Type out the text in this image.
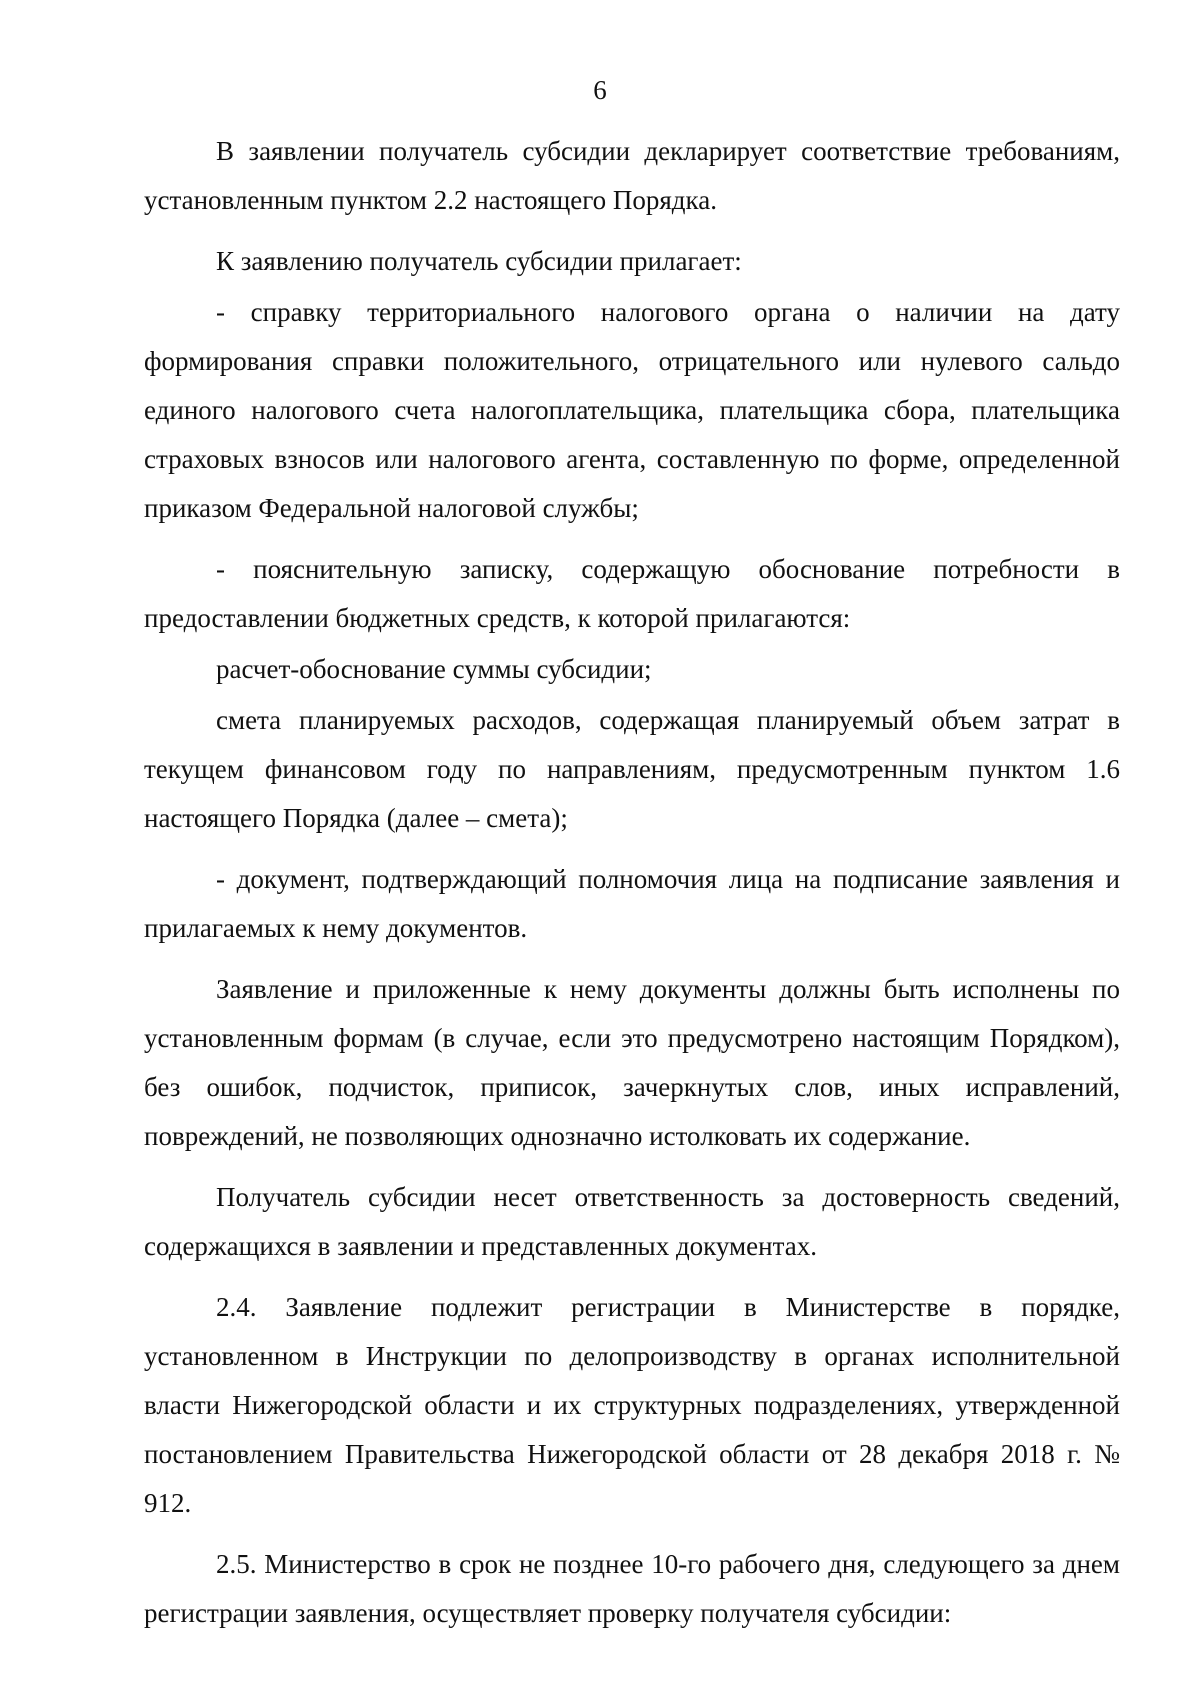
6

В заявлении получатель субсидии декларирует соответствие требованиям, установленным пунктом 2.2 настоящего Порядка.

К заявлению получатель субсидии прилагает:

- справку территориального налогового органа о наличии на дату формирования справки положительного, отрицательного или нулевого сальдо единого налогового счета налогоплательщика, плательщика сбора, плательщика страховых взносов или налогового агента, составленную по форме, определенной приказом Федеральной налоговой службы;

- пояснительную записку, содержащую обоснование потребности в предоставлении бюджетных средств, к которой прилагаются:

расчет-обоснование суммы субсидии;

смета планируемых расходов, содержащая планируемый объем затрат в текущем финансовом году по направлениям, предусмотренным пунктом 1.6 настоящего Порядка (далее – смета);

- документ, подтверждающий полномочия лица на подписание заявления и прилагаемых к нему документов.

Заявление и приложенные к нему документы должны быть исполнены по установленным формам (в случае, если это предусмотрено настоящим Порядком), без ошибок, подчисток, приписок, зачеркнутых слов, иных исправлений, повреждений, не позволяющих однозначно истолковать их содержание.

Получатель субсидии несет ответственность за достоверность сведений, содержащихся в заявлении и представленных документах.

2.4. Заявление подлежит регистрации в Министерстве в порядке, установленном в Инструкции по делопроизводству в органах исполнительной власти Нижегородской области и их структурных подразделениях, утвержденной постановлением Правительства Нижегородской области от 28 декабря 2018 г. № 912.

2.5. Министерство в срок не позднее 10-го рабочего дня, следующего за днем регистрации заявления, осуществляет проверку получателя субсидии:
